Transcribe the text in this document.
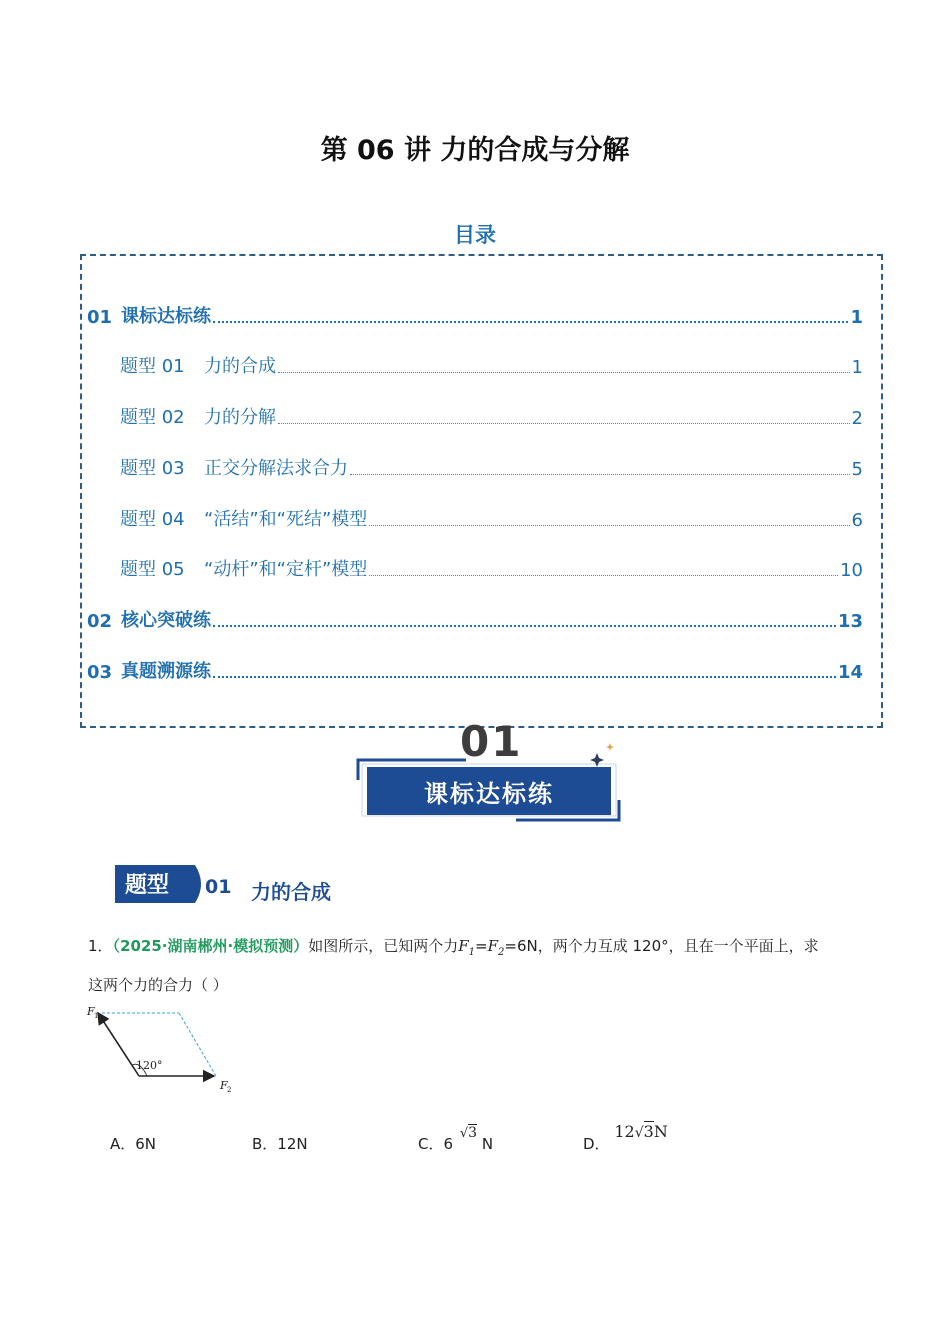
第 06 讲 力的合成与分解
目录
01 课标达标练	1
题型 01	力的合成	1
题型 02	力的分解	2
题型 03	正交分解法求合力	5
题型 04	“活结”和“死结”模型	6
题型 05	“动杆”和“定杆”模型	10
02 核心突破练	13
03 真题溯源练	14
01
课标达标练
题型 01 力的合成
1．（2025·湖南郴州·模拟预测）如图所示，已知两个力$F_1=F_2=6N$，两个力互成 120°，且在一个平面上，求
这两个力的合力（ ）
120°
F 1
F 2
A．6N	B．12N	C．6 √3 N	D． 12√3N
